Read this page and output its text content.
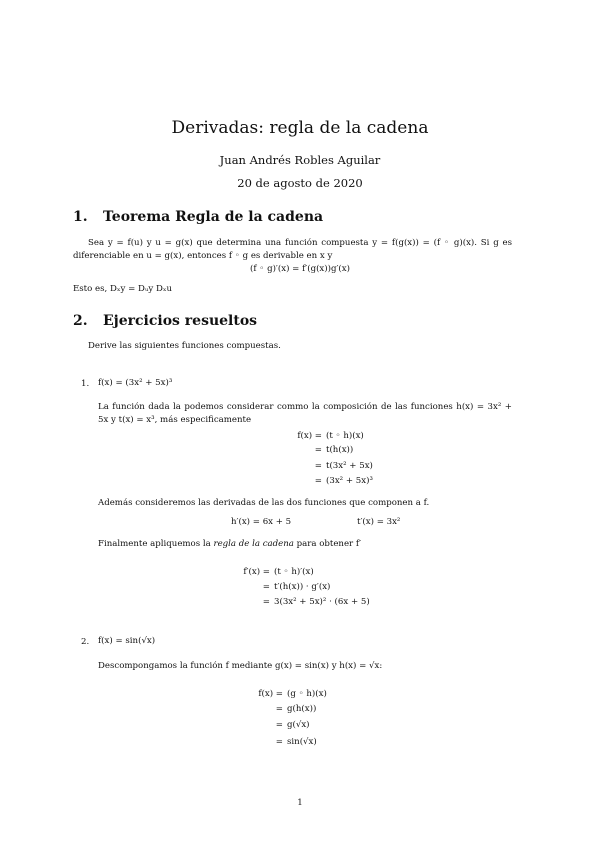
Derivadas: regla de la cadena
Juan Andrés Robles Aguilar
20 de agosto de 2020
1. Teorema Regla de la cadena
Sea y = f(u) y u = g(x) que determina una función compuesta y = f(g(x)) = (f ◦ g)(x). Si g es diferenciable en u = g(x), entonces f ◦ g es derivable en x y
(f ◦ g)′(x) = f′(g(x))g′(x)
Esto es, Dₓy = Dᵤy Dₓu
2. Ejercicios resueltos
Derive las siguientes funciones compuestas.
1. f(x) = (3x² + 5x)³
La función dada la podemos considerar commo la composición de las funciones h(x) = 3x² + 5x y t(x) = x³, más especificamente
f(x) = (t ◦ h)(x)
= t(h(x))
= t(3x² + 5x)
= (3x² + 5x)³
Además consideremos las derivadas de las dos funciones que componen a f.
h′(x) = 6x + 5	t′(x) = 3x²
Finalmente apliquemos la regla de la cadena para obtener f′
f′(x) = (t ◦ h)′(x)
= t′(h(x)) · g′(x)
= 3(3x² + 5x)² · (6x + 5)
2. f(x) = sin(√x)
Descompongamos la función f mediante g(x) = sin(x) y h(x) = √x:
f(x) = (g ◦ h)(x)
= g(h(x))
= g(√x)
= sin(√x)
1
